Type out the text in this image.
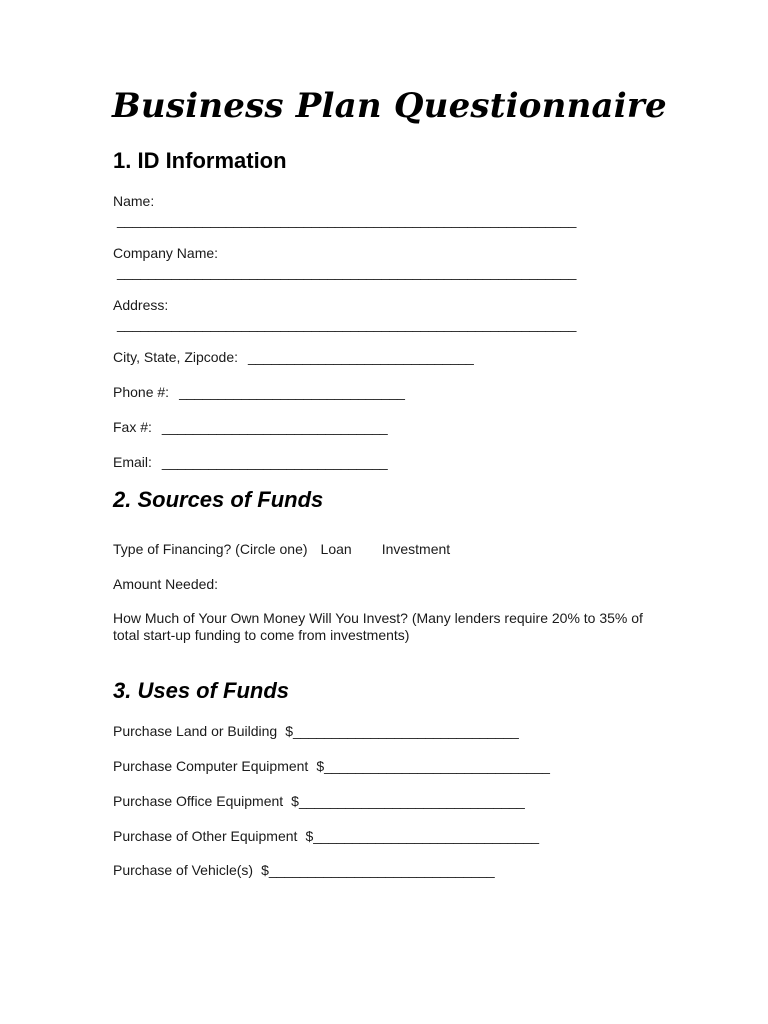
Business Plan Questionnaire
1. ID Information
Name:
___________________________________________________________
Company Name:
___________________________________________________________
Address:
___________________________________________________________
City, State, Zipcode: _____________________________
Phone #: _____________________________
Fax #: _____________________________
Email: _____________________________
2. Sources of Funds
Type of Financing? (Circle one) Loan Investment
Amount Needed:
How Much of Your Own Money Will You Invest? (Many lenders require 20% to 35% of total start-up funding to come from investments)
3. Uses of Funds
Purchase Land or Building $_____________________________
Purchase Computer Equipment $_____________________________
Purchase Office Equipment $_____________________________
Purchase of Other Equipment $_____________________________
Purchase of Vehicle(s) $_____________________________
